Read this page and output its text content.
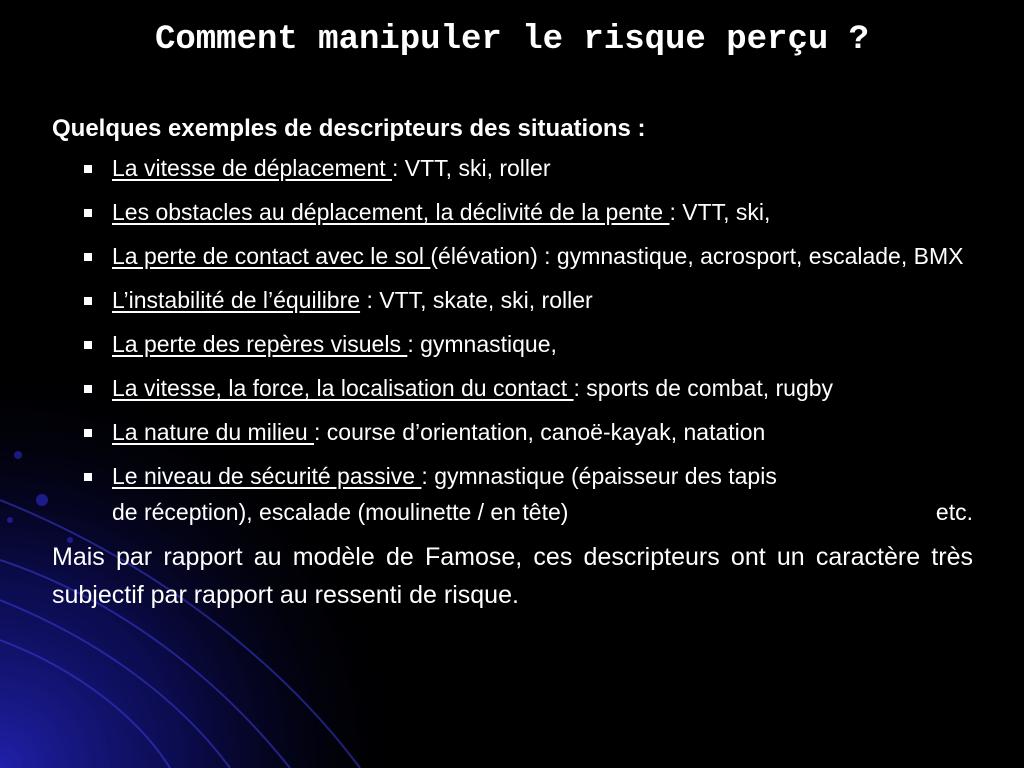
Comment manipuler le risque perçu ?

Quelques exemples de descripteurs des situations :

La vitesse de déplacement : VTT, ski, roller
Les obstacles au déplacement, la déclivité de la pente : VTT, ski,
La perte de contact avec le sol (élévation) : gymnastique, acrosport, escalade, BMX
L’instabilité de l’équilibre : VTT, skate, ski, roller
La perte des repères visuels : gymnastique,
La vitesse, la force, la localisation du contact : sports de combat, rugby
La nature du milieu : course d’orientation, canoë-kayak, natation
Le niveau de sécurité passive : gymnastique (épaisseur des tapis
de réception), escalade (moulinette / en tête)	etc.

Mais par rapport au modèle de Famose, ces descripteurs ont un caractère très subjectif par rapport au ressenti de risque.
